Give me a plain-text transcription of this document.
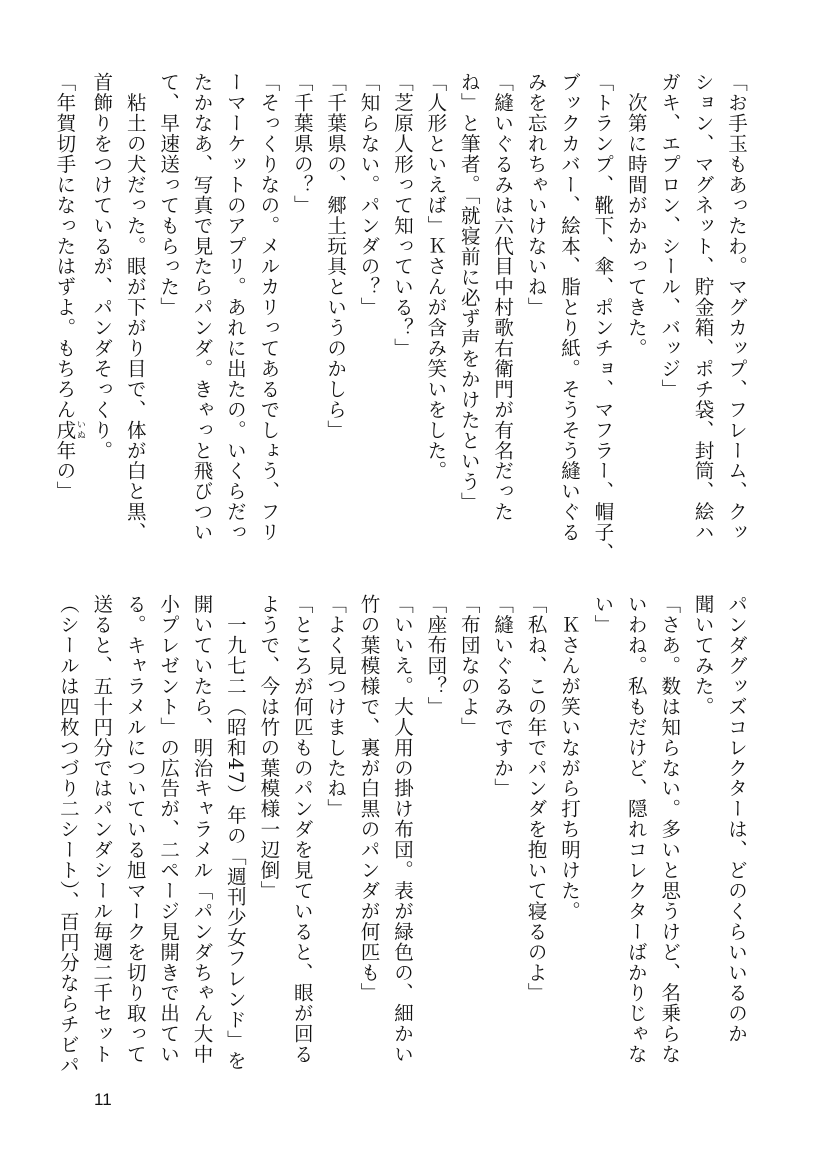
「お手玉もあったわ。マグカップ、フレーム、クッ
ション、マグネット、貯金箱、ポチ袋、封筒、絵ハ
ガキ、エプロン、シール、バッジ」
　次第に時間がかかってきた。
「トランプ、靴下、傘、ポンチョ、マフラー、帽子、
ブックカバー、絵本、脂とり紙。そうそう縫いぐる
みを忘れちゃいけないね」
「縫いぐるみは六代目中村歌右衛門が有名だった
ね」と筆者。「就寝前に必ず声をかけたという」
「人形といえば」Ｋさんが含み笑いをした。
「芝原人形って知っている？」
「知らない。パンダの？」
「千葉県の、郷土玩具というのかしら」
「千葉県の？」
「そっくりなの。メルカリってあるでしょう、フリ
ーマーケットのアプリ。あれに出たの。いくらだっ
たかなあ、写真で見たらパンダ。きゃっと飛びつい
て、早速送ってもらった」
　粘土の犬だった。眼が下がり目で、体が白と黒、
首飾りをつけているが、パンダそっくり。
「年賀切手になったはずよ。もちろん戌いぬ年の」
パンダグッズコレクターは、どのくらいいるのか
聞いてみた。
「さあ。数は知らない。多いと思うけど、名乗らな
いわね。私もだけど、隠れコレクターばかりじゃな
い」
　Ｋさんが笑いながら打ち明けた。
「私ね、この年でパンダを抱いて寝るのよ」
「縫いぐるみですか」
「布団なのよ」
「座布団？」
「いいえ。大人用の掛け布団。表が緑色の、細かい
竹の葉模様で、裏が白黒のパンダが何匹も」
「よく見つけましたね」
「ところが何匹ものパンダを見ていると、眼が回る
ようで、今は竹の葉模様一辺倒」
　一九七二（昭和47）年の「週刊少女フレンド」を
開いていたら、明治キャラメル「パンダちゃん大中
小プレゼント」の広告が、二ページ見開きで出てい
る。キャラメルについている旭マークを切り取って
送ると、五十円分ではパンダシール毎週二千セット
（シールは四枚つづり二シート）、百円分ならチビパ
11
